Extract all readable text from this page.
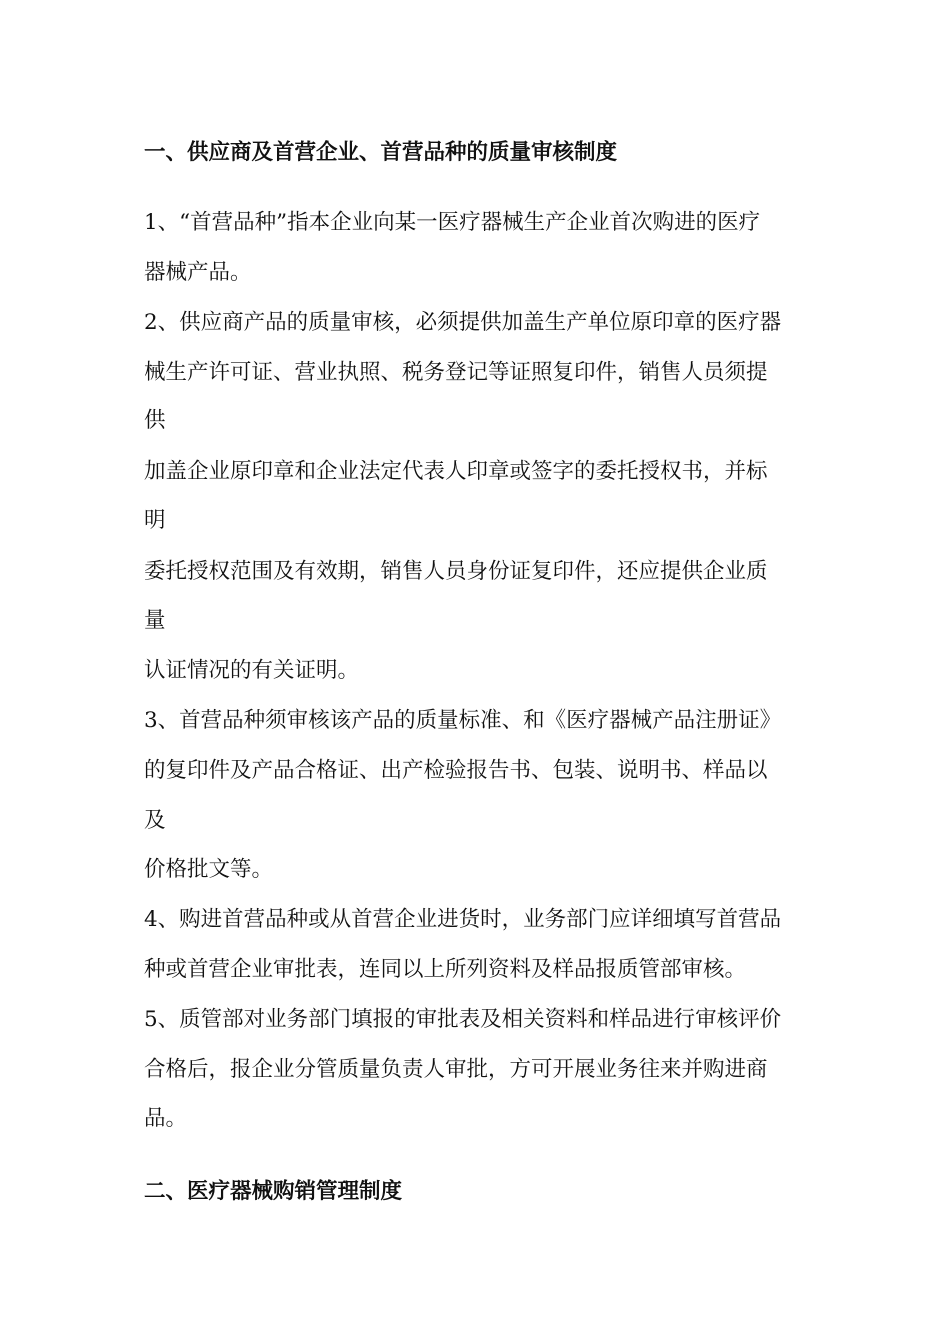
一、供应商及首营企业、首营品种的质量审核制度
1、“首营品种”指本企业向某一医疗器械生产企业首次购进的医疗
器械产品。
2、供应商产品的质量审核，必须提供加盖生产单位原印章的医疗器
械生产许可证、营业执照、税务登记等证照复印件，销售人员须提
供
加盖企业原印章和企业法定代表人印章或签字的委托授权书，并标
明
委托授权范围及有效期，销售人员身份证复印件，还应提供企业质
量
认证情况的有关证明。
3、首营品种须审核该产品的质量标准、和《医疗器械产品注册证》
的复印件及产品合格证、出产检验报告书、包装、说明书、样品以
及
价格批文等。
4、购进首营品种或从首营企业进货时，业务部门应详细填写首营品
种或首营企业审批表，连同以上所列资料及样品报质管部审核。
5、质管部对业务部门填报的审批表及相关资料和样品进行审核评价
合格后，报企业分管质量负责人审批，方可开展业务往来并购进商
品。
二、医疗器械购销管理制度
